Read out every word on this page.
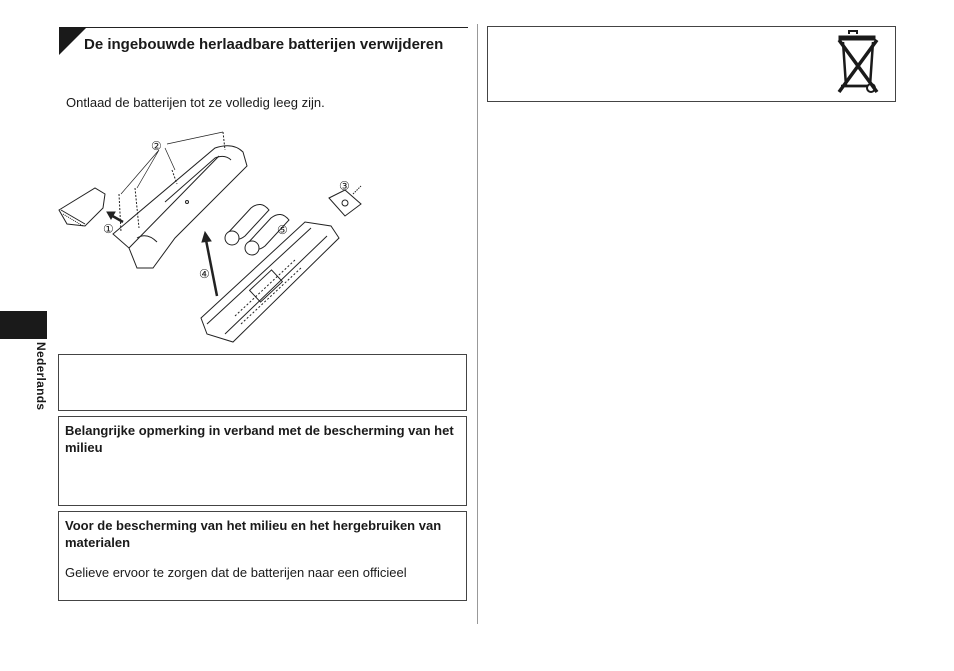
Nederlands
De ingebouwde herlaadbare batterijen verwijderen
Ontlaad de batterijen tot ze volledig leeg zijn.
①
②
③
④
⑤
Belangrijke opmerking in verband met de bescherming van het milieu
Voor de bescherming van het milieu en het hergebruiken van materialen
Gelieve ervoor te zorgen dat de batterijen naar een officieel
